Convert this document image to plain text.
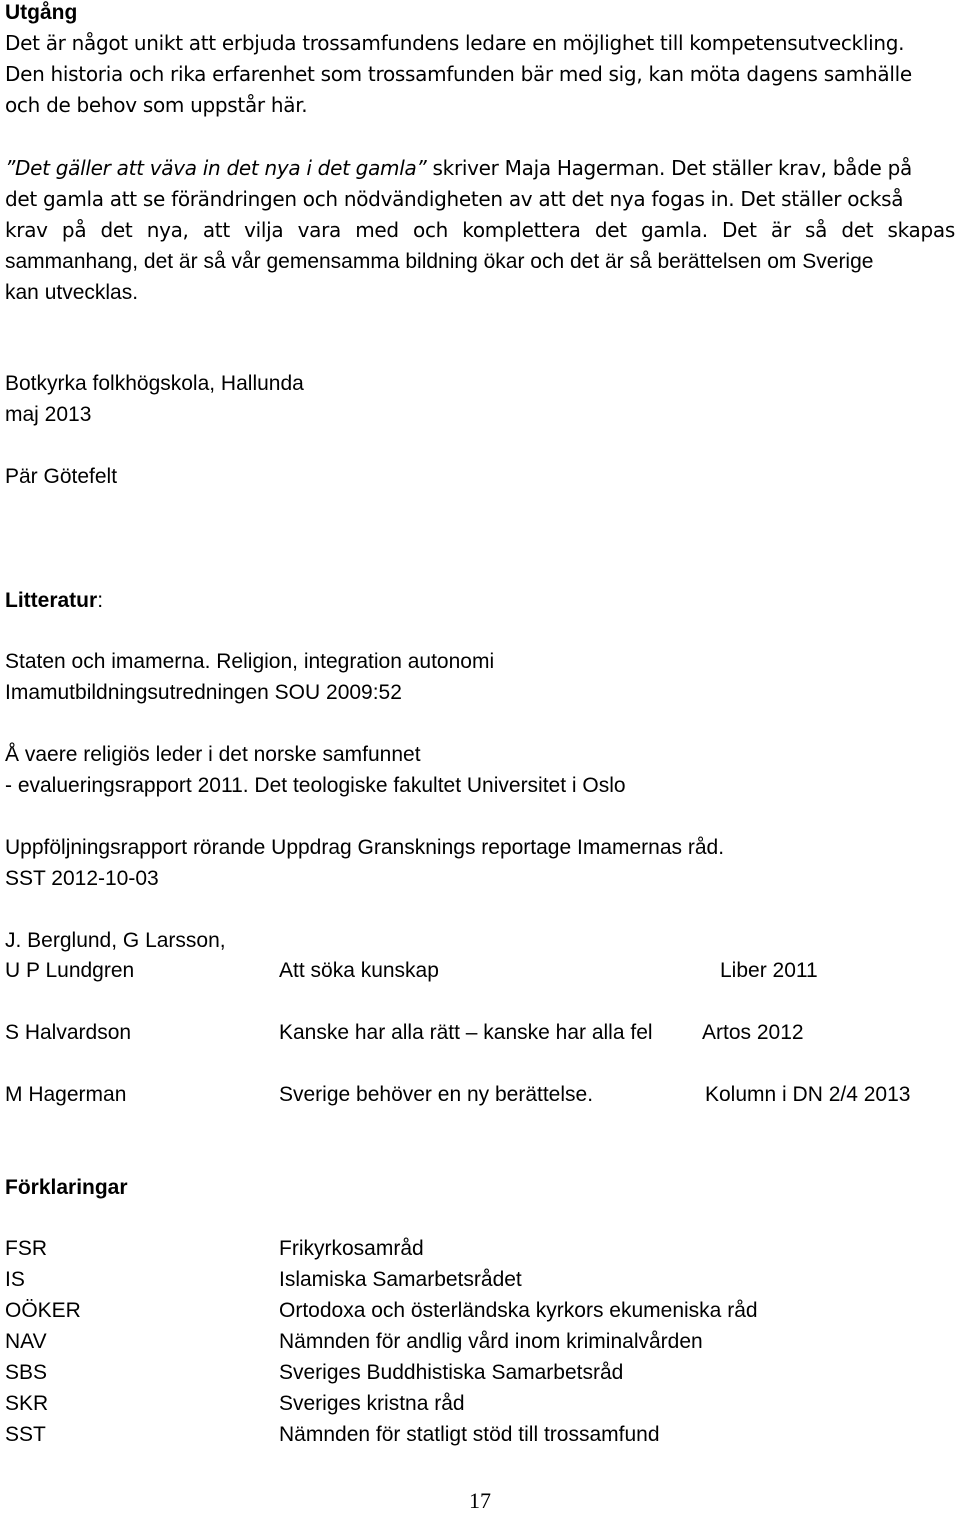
Utgång
Det är något unikt att erbjuda trossamfundens ledare en möjlighet till kompetensutveckling.
Den historia och rika erfarenhet som trossamfunden bär med sig, kan möta dagens samhälle
och de behov som uppstår här.
”Det gäller att väva in det nya i det gamla” skriver Maja Hagerman. Det ställer krav, både på
det gamla att se förändringen och nödvändigheten av att det nya fogas in. Det ställer också
krav på det nya, att vilja vara med och komplettera det gamla. Det är så det skapas
sammanhang, det är så vår gemensamma bildning ökar och det är så berättelsen om Sverige
kan utvecklas.
Botkyrka folkhögskola, Hallunda
maj 2013
Pär Götefelt
Litteratur:
Staten och imamerna. Religion, integration autonomi
Imamutbildningsutredningen SOU 2009:52
Å vaere religiös leder i det norske samfunnet
- evalueringsrapport 2011. Det teologiske fakultet Universitet i Oslo
Uppföljningsrapport rörande Uppdrag Gransknings reportage Imamernas råd.
SST 2012-10-03
J. Berglund, G Larsson,
U P Lundgren	Att söka kunskap	Liber 2011
S Halvardson	Kanske har alla rätt – kanske har alla fel Artos 2012
M Hagerman	Sverige behöver en ny berättelse.	Kolumn i DN 2/4 2013
Förklaringar
FSR	Frikyrkosamråd
IS	Islamiska Samarbetsrådet
OÖKER	Ortodoxa och österländska kyrkors ekumeniska råd
NAV	Nämnden för andlig vård inom kriminalvården
SBS	Sveriges Buddhistiska Samarbetsråd
SKR	Sveriges kristna råd
SST	Nämnden för statligt stöd till trossamfund
17
